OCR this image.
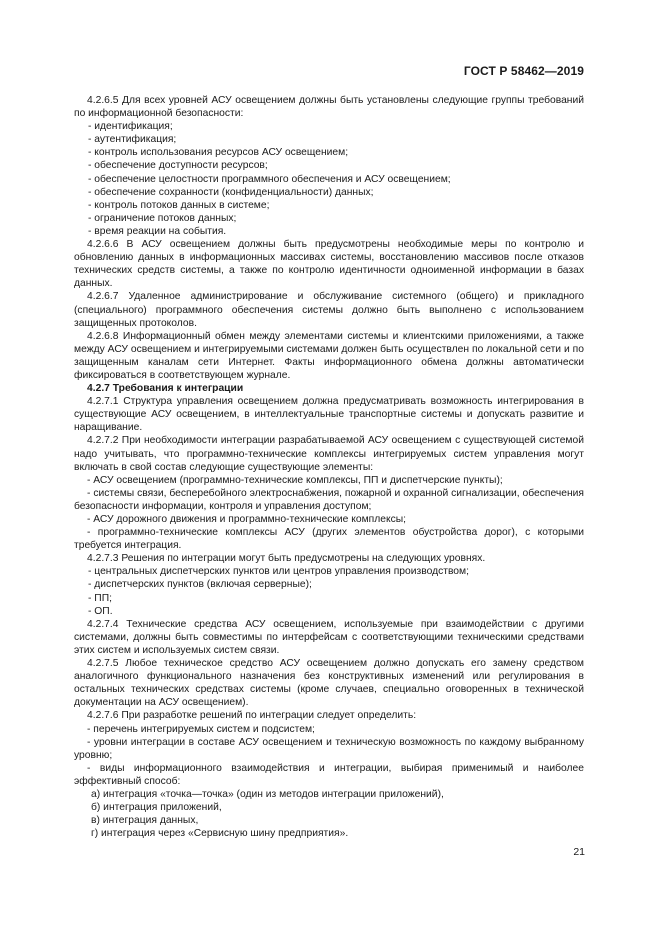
ГОСТ Р 58462—2019

4.2.6.5 Для всех уровней АСУ освещением должны быть установлены следующие группы требований по информационной безопасности:

- идентификация;

- аутентификация;

- контроль использования ресурсов АСУ освещением;

- обеспечение доступности ресурсов;

- обеспечение целостности программного обеспечения и АСУ освещением;

- обеспечение сохранности (конфиденциальности) данных;

- контроль потоков данных в системе;

- ограничение потоков данных;

- время реакции на события.

4.2.6.6 В АСУ освещением должны быть предусмотрены необходимые меры по контролю и обновлению данных в информационных массивах системы, восстановлению массивов после отказов технических средств системы, а также по контролю идентичности одноименной информации в базах данных.

4.2.6.7 Удаленное администрирование и обслуживание системного (общего) и прикладного (специального) программного обеспечения системы должно быть выполнено с использованием защищенных протоколов.

4.2.6.8 Информационный обмен между элементами системы и клиентскими приложениями, а также между АСУ освещением и интегрируемыми системами должен быть осуществлен по локальной сети и по защищенным каналам сети Интернет. Факты информационного обмена должны автоматически фиксироваться в соответствующем журнале.

4.2.7 Требования к интеграции

4.2.7.1 Структура управления освещением должна предусматривать возможность интегрирования в существующие АСУ освещением, в интеллектуальные транспортные системы и допускать развитие и наращивание.

4.2.7.2 При необходимости интеграции разрабатываемой АСУ освещением с существующей системой надо учитывать, что программно-технические комплексы интегрируемых систем управления могут включать в свой состав следующие существующие элементы:

- АСУ освещением (программно-технические комплексы, ПП и диспетчерские пункты);

- системы связи, бесперебойного электроснабжения, пожарной и охранной сигнализации, обеспечения безопасности информации, контроля и управления доступом;

- АСУ дорожного движения и программно-технические комплексы;

- программно-технические комплексы АСУ (других элементов обустройства дорог), с которыми требуется интеграция.

4.2.7.3 Решения по интеграции могут быть предусмотрены на следующих уровнях.

- центральных диспетчерских пунктов или центров управления производством;

- диспетчерских пунктов (включая серверные);

- ПП;

- ОП.

4.2.7.4 Технические средства АСУ освещением, используемые при взаимодействии с другими системами, должны быть совместимы по интерфейсам с соответствующими техническими средствами этих систем и используемых систем связи.

4.2.7.5 Любое техническое средство АСУ освещением должно допускать его замену средством аналогичного функционального назначения без конструктивных изменений или регулирования в остальных технических средствах системы (кроме случаев, специально оговоренных в технической документации на АСУ освещением).

4.2.7.6 При разработке решений по интеграции следует определить:

- перечень интегрируемых систем и подсистем;

- уровни интеграции в составе АСУ освещением и техническую возможность по каждому выбранному уровню;

- виды информационного взаимодействия и интеграции, выбирая применимый и наиболее эффективный способ:

а) интеграция «точка—точка» (один из методов интеграции приложений),

б) интеграция приложений,

в) интеграция данных,

г) интеграция через «Сервисную шину предприятия».

21
